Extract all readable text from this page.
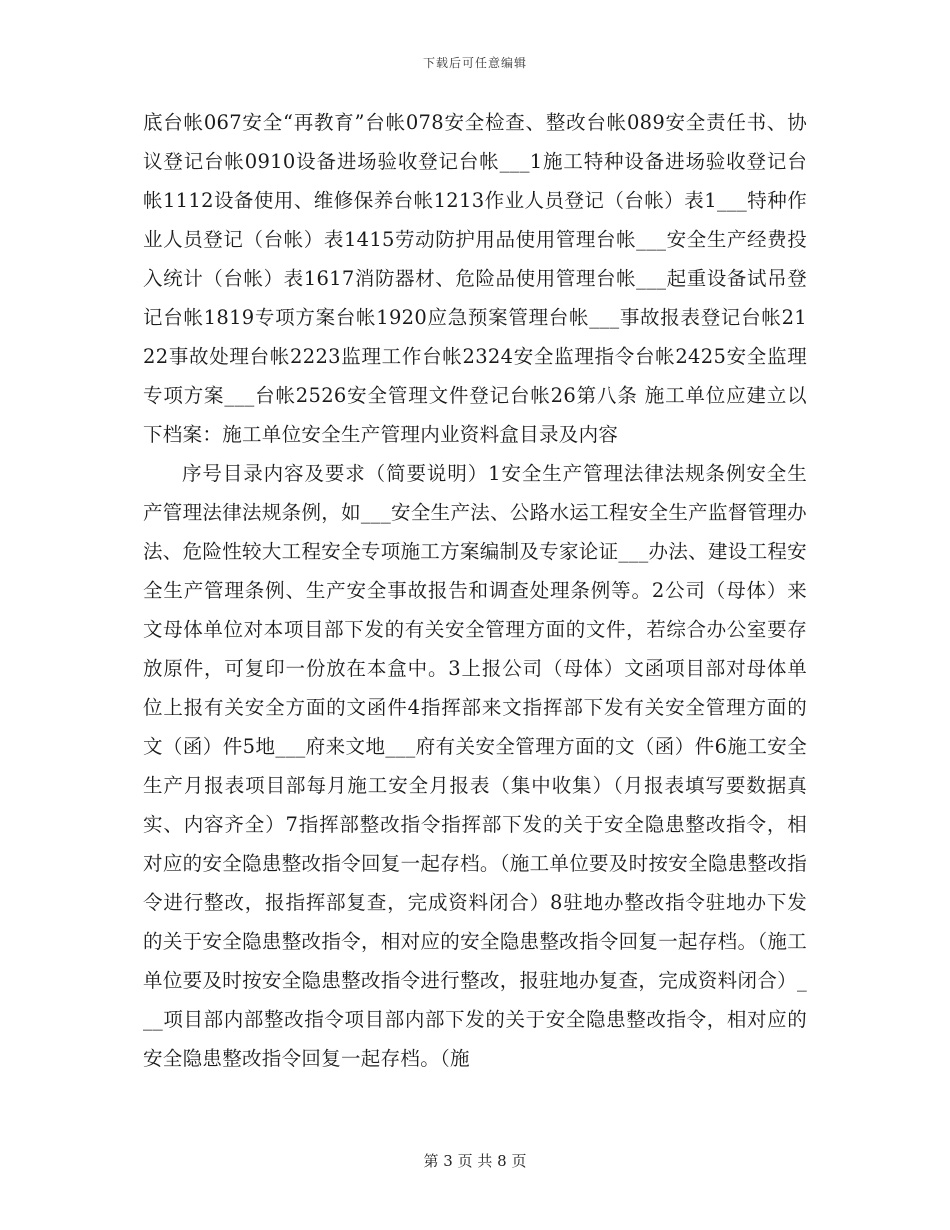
下载后可任意编辑

底台帐067安全“再教育”台帐078安全检查、整改台帐089安全责任书、协议登记台帐0910设备进场验收登记台帐___1施工特种设备进场验收登记台帐1112设备使用、维修保养台帐1213作业人员登记（台帐）表1___特种作业人员登记（台帐）表1415劳动防护用品使用管理台帐___安全生产经费投入统计（台帐）表1617消防器材、危险品使用管理台帐___起重设备试吊登记台帐1819专项方案台帐1920应急预案管理台帐___事故报表登记台帐2122事故处理台帐2223监理工作台帐2324安全监理指令台帐2425安全监理专项方案___台帐2526安全管理文件登记台帐26第八条 施工单位应建立以下档案：施工单位安全生产管理内业资料盒目录及内容

序号目录内容及要求（简要说明）1安全生产管理法律法规条例安全生产管理法律法规条例，如___安全生产法、公路水运工程安全生产监督管理办法、危险性较大工程安全专项施工方案编制及专家论证___办法、建设工程安全生产管理条例、生产安全事故报告和调查处理条例等。2公司（母体）来文母体单位对本项目部下发的有关安全管理方面的文件，若综合办公室要存放原件，可复印一份放在本盒中。3上报公司（母体）文函项目部对母体单位上报有关安全方面的文函件4指挥部来文指挥部下发有关安全管理方面的文（函）件5地___府来文地___府有关安全管理方面的文（函）件6施工安全生产月报表项目部每月施工安全月报表（集中收集）（月报表填写要数据真实、内容齐全）7指挥部整改指令指挥部下发的关于安全隐患整改指令，相对应的安全隐患整改指令回复一起存档。（施工单位要及时按安全隐患整改指令进行整改，报指挥部复查，完成资料闭合）8驻地办整改指令驻地办下发的关于安全隐患整改指令，相对应的安全隐患整改指令回复一起存档。（施工单位要及时按安全隐患整改指令进行整改，报驻地办复查，完成资料闭合）___项目部内部整改指令项目部内部下发的关于安全隐患整改指令，相对应的安全隐患整改指令回复一起存档。（施

第 3 页 共 8 页
